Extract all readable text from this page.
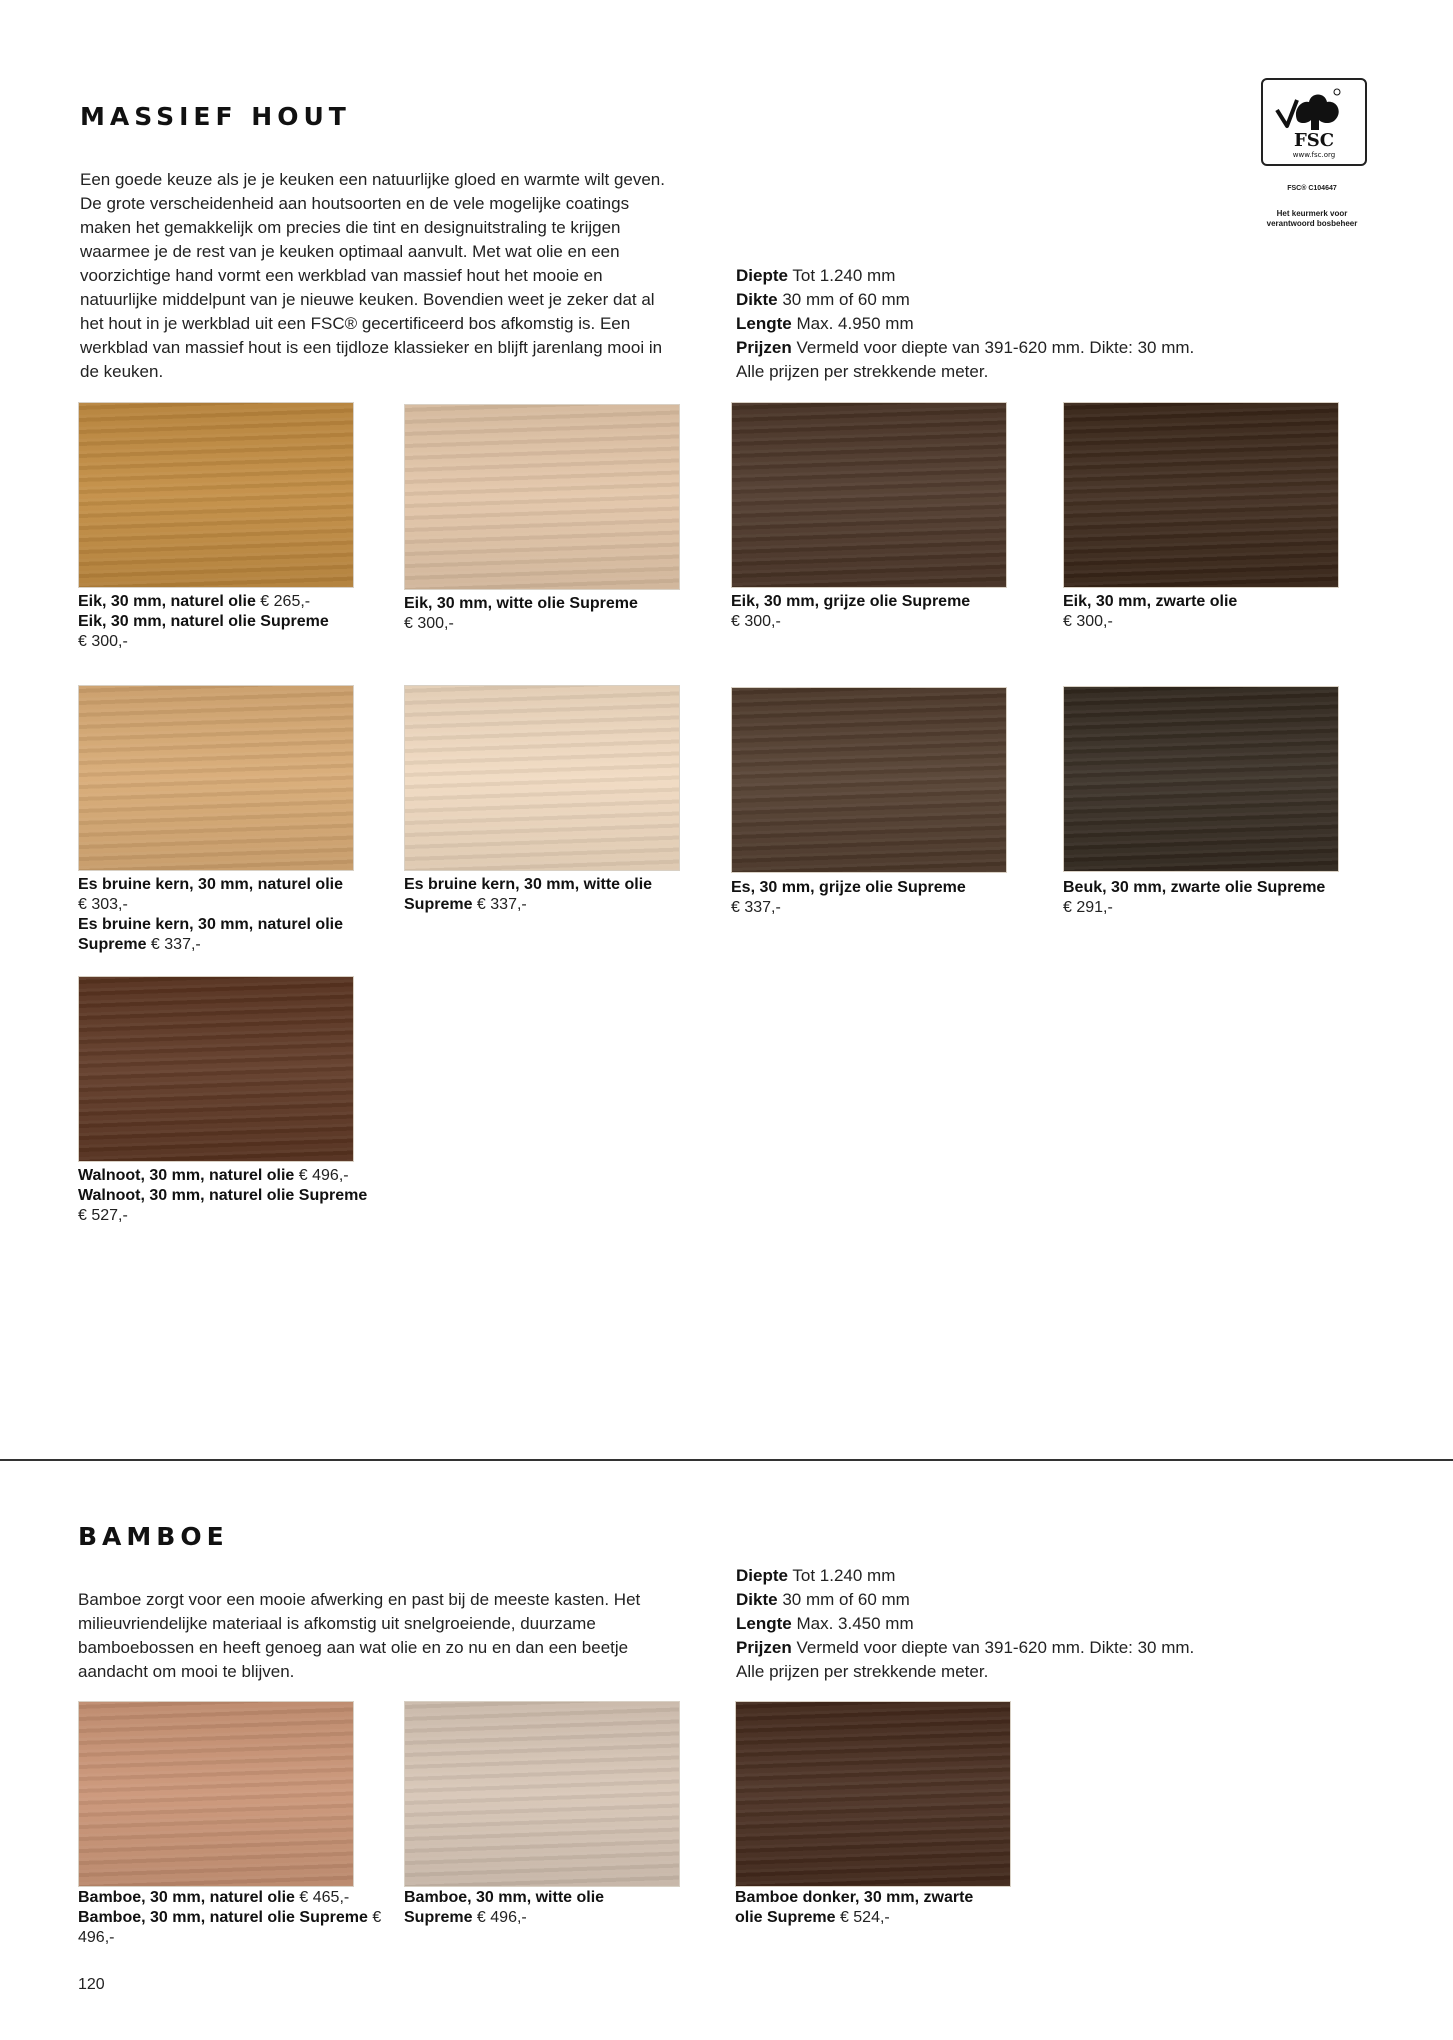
MASSIEF HOUT
Een goede keuze als je je keuken een natuurlijke gloed en warmte wilt geven. De grote verscheidenheid aan houtsoorten en de vele mogelijke coatings maken het gemakkelijk om precies die tint en designuitstraling te krijgen waarmee je de rest van je keuken optimaal aanvult. Met wat olie en een voorzichtige hand vormt een werkblad van massief hout het mooie en natuurlijke middelpunt van je nieuwe keuken. Bovendien weet je zeker dat al het hout in je werkblad uit een FSC® gecertificeerd bos afkomstig is. Een werkblad van massief hout is een tijdloze klassieker en blijft jarenlang mooi in de keuken.
Diepte Tot 1.240 mm
Dikte 30 mm of 60 mm
Lengte Max. 4.950 mm
Prijzen Vermeld voor diepte van 391-620 mm. Dikte: 30 mm.
Alle prijzen per strekkende meter.
FSC
www.fsc.org
FSC® C104647
Het keurmerk voor
verantwoord bosbeheer
Eik, 30 mm, naturel olie € 265,-
Eik, 30 mm, naturel olie Supreme
€ 300,-
Eik, 30 mm, witte olie Supreme
€ 300,-
Eik, 30 mm, grijze olie Supreme
€ 300,-
Eik, 30 mm, zwarte olie
€ 300,-
Es bruine kern, 30 mm, naturel olie
€ 303,-
Es bruine kern, 30 mm, naturel olie Supreme € 337,-
Es bruine kern, 30 mm, witte olie Supreme € 337,-
Es, 30 mm, grijze olie Supreme
€ 337,-
Beuk, 30 mm, zwarte olie Supreme
€ 291,-
Walnoot, 30 mm, naturel olie € 496,-
Walnoot, 30 mm, naturel olie Supreme € 527,-
BAMBOE
Bamboe zorgt voor een mooie afwerking en past bij de meeste kasten. Het milieuvriendelijke materiaal is afkomstig uit snelgroeiende, duurzame bamboebossen en heeft genoeg aan wat olie en zo nu en dan een beetje aandacht om mooi te blijven.
Diepte Tot 1.240 mm
Dikte 30 mm of 60 mm
Lengte Max. 3.450 mm
Prijzen Vermeld voor diepte van 391-620 mm. Dikte: 30 mm.
Alle prijzen per strekkende meter.
Bamboe, 30 mm, naturel olie € 465,-
Bamboe, 30 mm, naturel olie Supreme € 496,-
Bamboe, 30 mm, witte olie Supreme € 496,-
Bamboe donker, 30 mm, zwarte olie Supreme € 524,-
120
